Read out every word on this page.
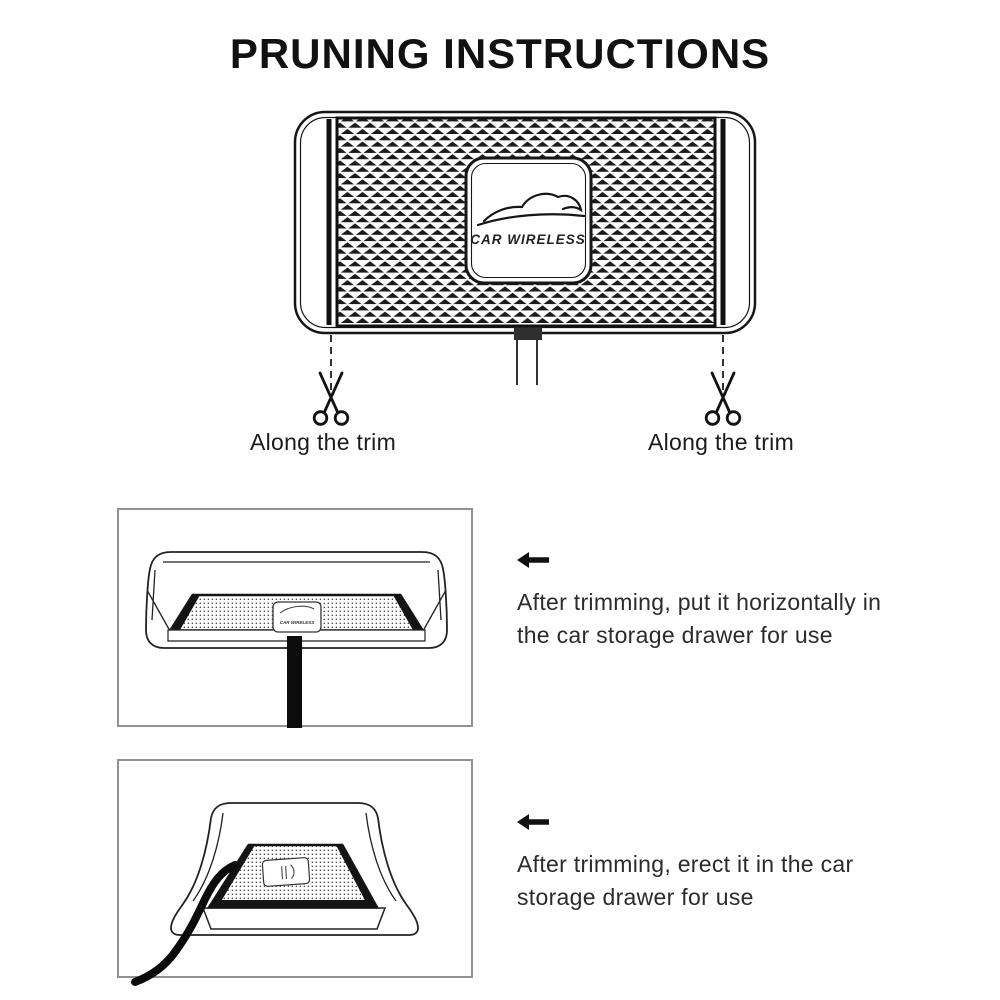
PRUNING INSTRUCTIONS
CAR WIRELESS
Along the trim	Along the trim
CAR WIRELESS
After trimming, put it horizontally in
the car storage drawer for use
After trimming, erect it in the car
storage drawer for use
